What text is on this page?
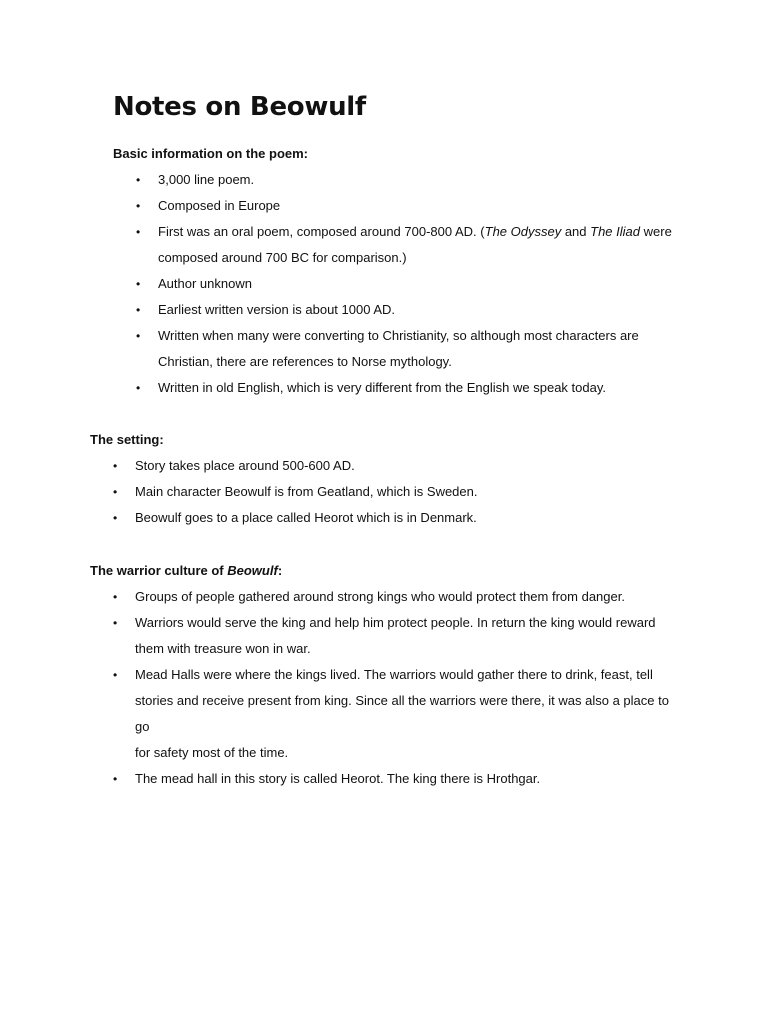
Notes on Beowulf

Basic information on the poem:

• 3,000 line poem.
• Composed in Europe
• First was an oral poem, composed around 700-800 AD. (The Odyssey and The Iliad were
composed around 700 BC for comparison.)
• Author unknown
• Earliest written version is about 1000 AD.
• Written when many were converting to Christianity, so although most characters are
Christian, there are references to Norse mythology.
• Written in old English, which is very different from the English we speak today.

The setting:

• Story takes place around 500-600 AD.
• Main character Beowulf is from Geatland, which is Sweden.
• Beowulf goes to a place called Heorot which is in Denmark.

The warrior culture of Beowulf:

• Groups of people gathered around strong kings who would protect them from danger.
• Warriors would serve the king and help him protect people. In return the king would reward
them with treasure won in war.
• Mead Halls were where the kings lived. The warriors would gather there to drink, feast, tell
stories and receive present from king. Since all the warriors were there, it was also a place to go
for safety most of the time.
• The mead hall in this story is called Heorot. The king there is Hrothgar.
